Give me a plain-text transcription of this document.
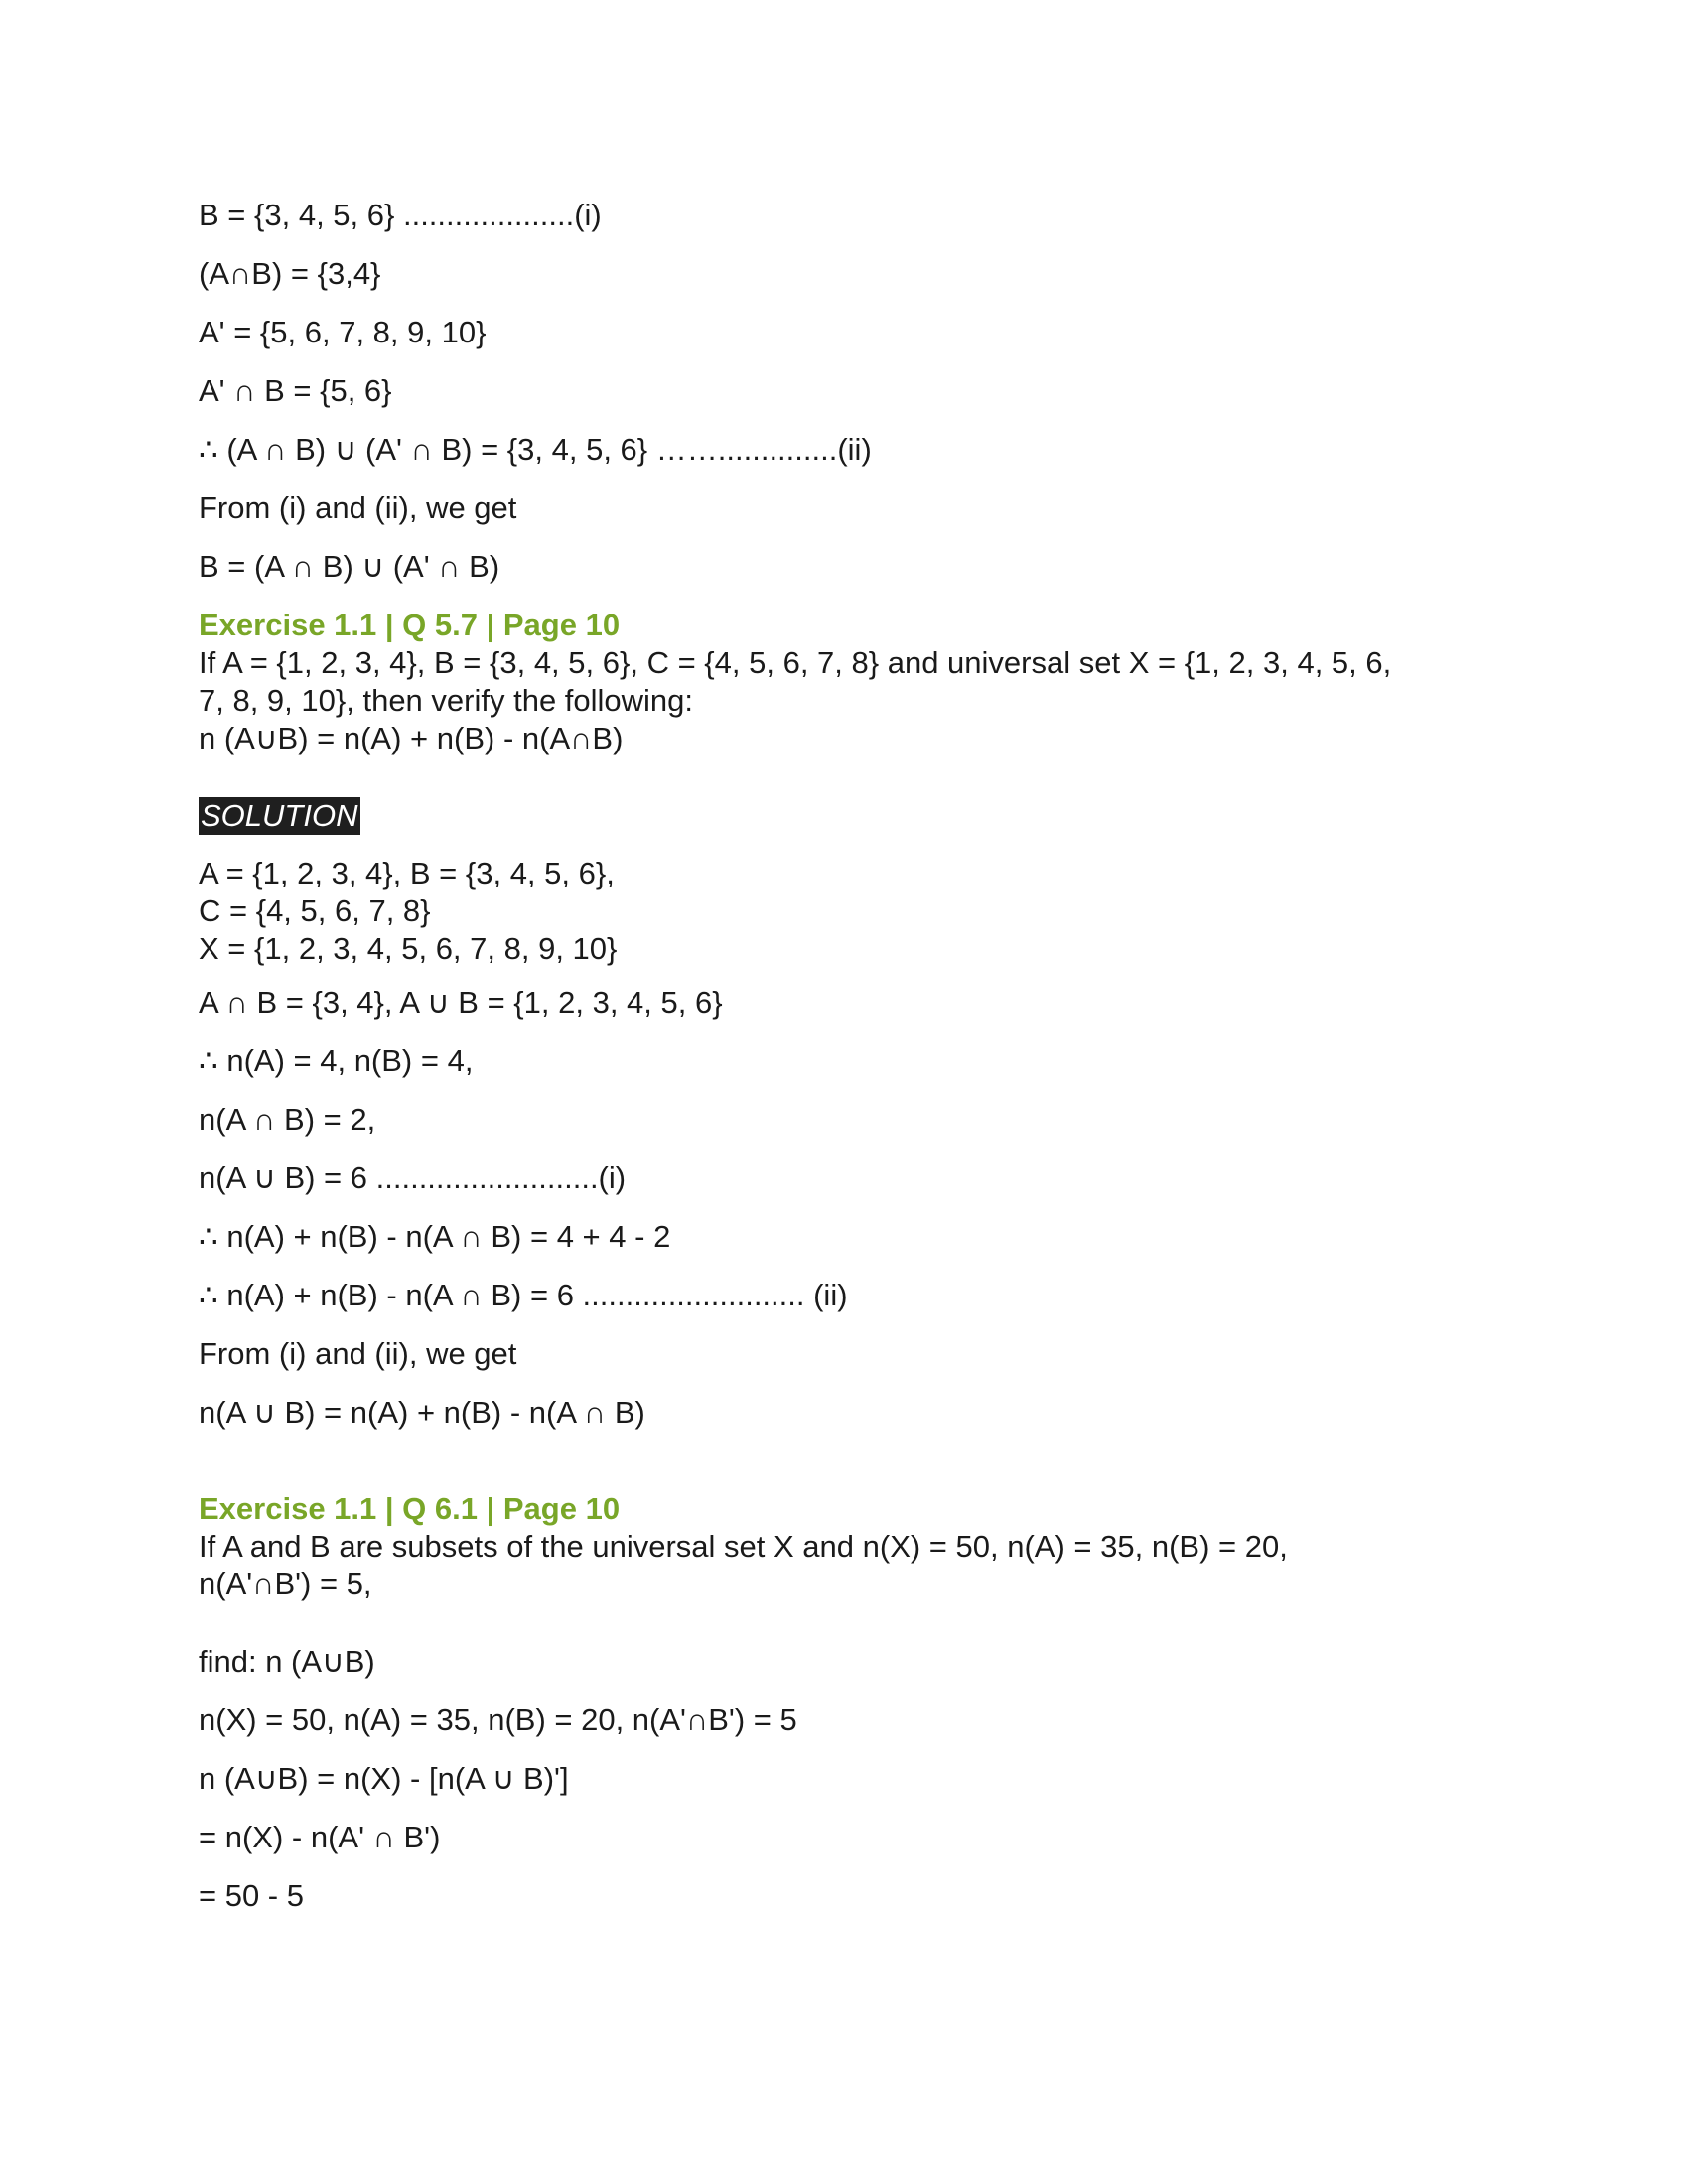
B = {3, 4, 5, 6} ....................(i)
(A∩B) = {3,4}
A' = {5, 6, 7, 8, 9, 10}
A' ∩ B = {5, 6}
∴ (A ∩ B) ∪ (A' ∩ B) = {3, 4, 5, 6} ……..............(ii)
From (i) and (ii), we get
B = (A ∩ B) ∪ (A' ∩ B)
Exercise 1.1 | Q 5.7 | Page 10
If A = {1, 2, 3, 4}, B = {3, 4, 5, 6}, C = {4, 5, 6, 7, 8} and universal set X = {1, 2, 3, 4, 5, 6,
7, 8, 9, 10}, then verify the following:
n (A∪B) = n(A) + n(B) - n(A∩B)
SOLUTION
A = {1, 2, 3, 4}, B = {3, 4, 5, 6},
C = {4, 5, 6, 7, 8}
X = {1, 2, 3, 4, 5, 6, 7, 8, 9, 10}
A ∩ B = {3, 4}, A ∪ B = {1, 2, 3, 4, 5, 6}
∴ n(A) = 4, n(B) = 4,
n(A ∩ B) = 2,
n(A ∪ B) = 6 ..........................(i)
∴ n(A) + n(B) - n(A ∩ B) = 4 + 4 - 2
∴ n(A) + n(B) - n(A ∩ B) = 6 .......................... (ii)
From (i) and (ii), we get
n(A ∪ B) = n(A) + n(B) - n(A ∩ B)
Exercise 1.1 | Q 6.1 | Page 10
If A and B are subsets of the universal set X and n(X) = 50, n(A) = 35, n(B) = 20,
n(A'∩B') = 5,
find: n (A∪B)
n(X) = 50, n(A) = 35, n(B) = 20, n(A'∩B') = 5
n (A∪B) = n(X) - [n(A ∪ B)']
= n(X) - n(A' ∩ B')
= 50 - 5
